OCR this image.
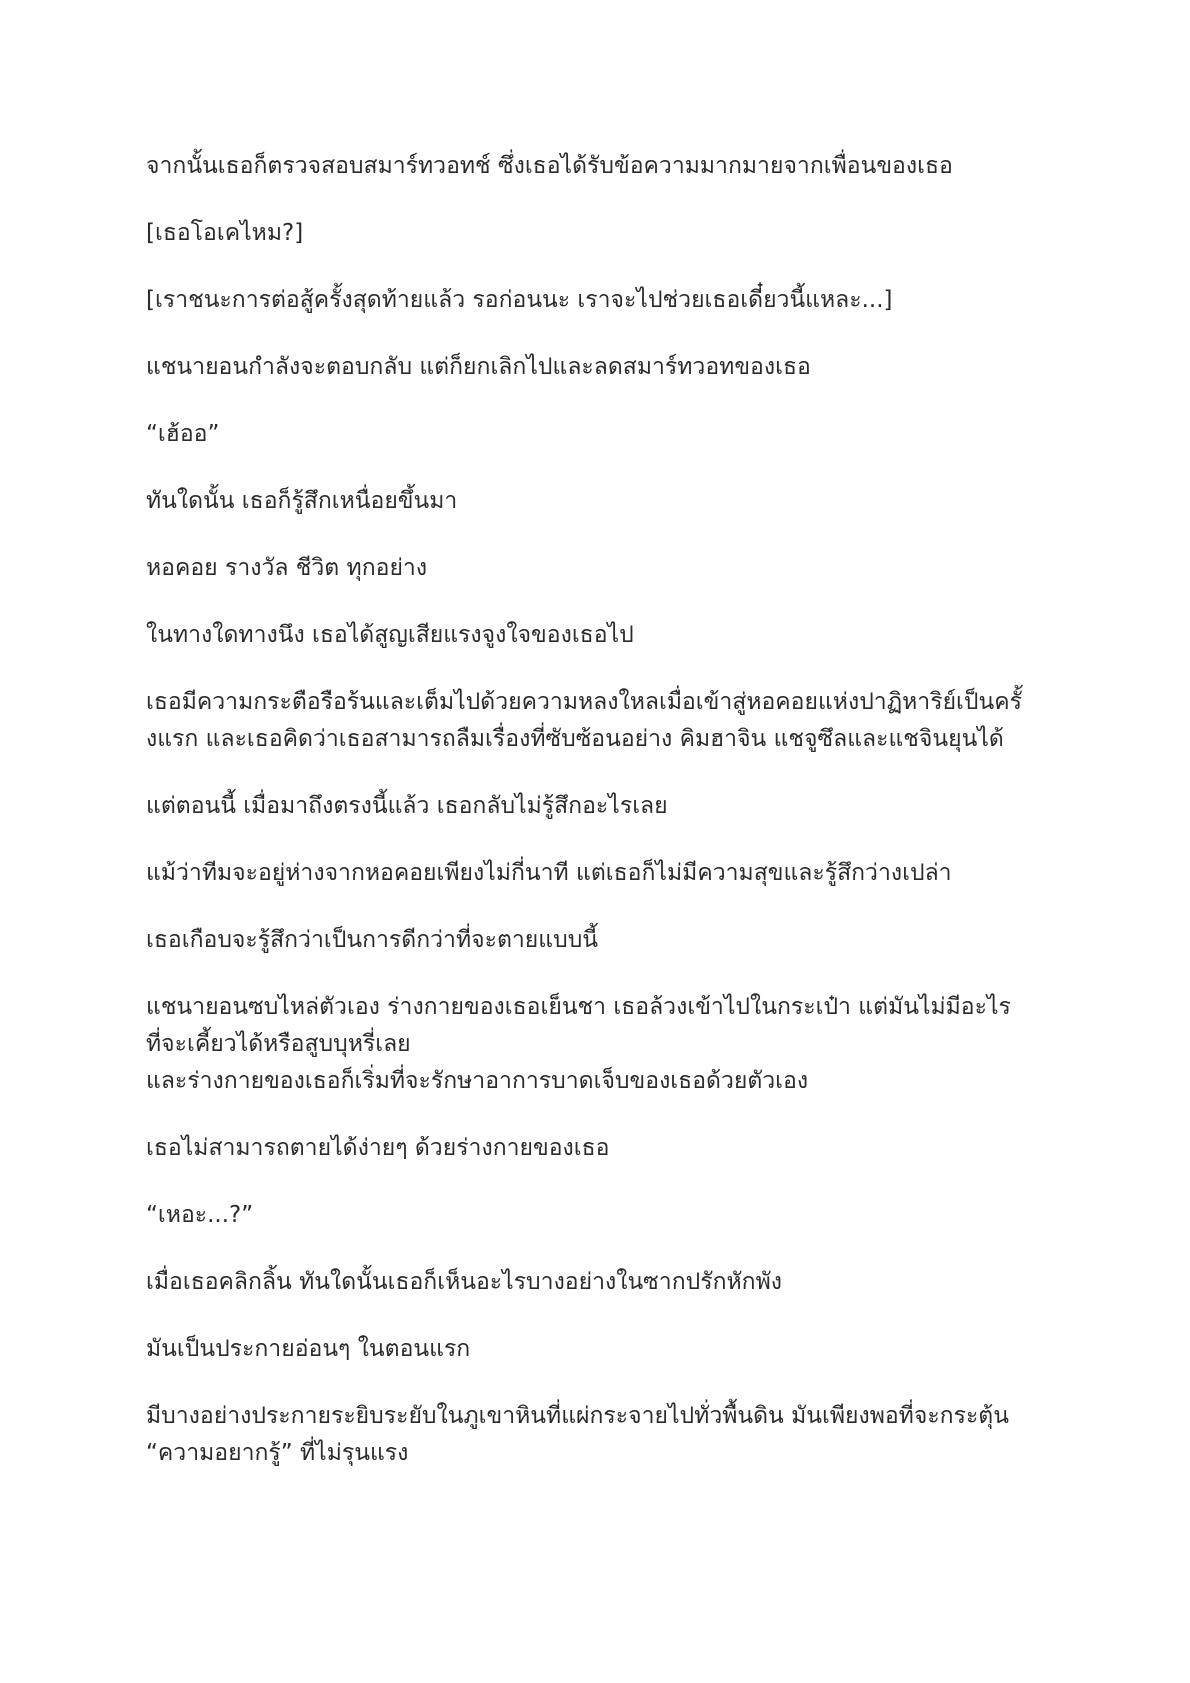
จากนั้นเธอก็ตรวจสอบสมาร์ทวอทช์ ซึ่งเธอได้รับข้อความมากมายจากเพื่อนของเธอ

[เธอโอเคไหม?]

[เราชนะการต่อสู้ครั้งสุดท้ายแล้ว รอก่อนนะ เราจะไปช่วยเธอเดี๋ยวนี้แหละ...]

แชนายอนกำลังจะตอบกลับ แต่ก็ยกเลิกไปและลดสมาร์ทวอทของเธอ

“เฮ้ออ”

ทันใดนั้น เธอก็รู้สึกเหนื่อยขึ้นมา

หอคอย รางวัล ชีวิต ทุกอย่าง

ในทางใดทางนึง เธอได้สูญเสียแรงจูงใจของเธอไป

เธอมีความกระตือรือร้นและเต็มไปด้วยความหลงใหลเมื่อเข้าสู่หอคอยแห่งปาฏิหาริย์เป็นครั้
งแรก และเธอคิดว่าเธอสามารถลืมเรื่องที่ซับซ้อนอย่าง คิมฮาจิน แชจูซึลและแชจินยุนได้

แต่ตอนนี้ เมื่อมาถึงตรงนี้แล้ว เธอกลับไม่รู้สึกอะไรเลย

แม้ว่าทีมจะอยู่ห่างจากหอคอยเพียงไม่กี่นาที แต่เธอก็ไม่มีความสุขและรู้สึกว่างเปล่า

เธอเกือบจะรู้สึกว่าเป็นการดีกว่าที่จะตายแบบนี้

แชนายอนซบไหล่ตัวเอง ร่างกายของเธอเย็นชา เธอล้วงเข้าไปในกระเป๋า แต่มันไม่มีอะไร
ที่จะเคี้ยวได้หรือสูบบุหรี่เลย
และร่างกายของเธอก็เริ่มที่จะรักษาอาการบาดเจ็บของเธอด้วยตัวเอง

เธอไม่สามารถตายได้ง่ายๆ ด้วยร่างกายของเธอ

“เหอะ...?”

เมื่อเธอคลิกลิ้น ทันใดนั้นเธอก็เห็นอะไรบางอย่างในซากปรักหักพัง

มันเป็นประกายอ่อนๆ ในตอนแรก

มีบางอย่างประกายระยิบระยับในภูเขาหินที่แผ่กระจายไปทั่วพื้นดิน มันเพียงพอที่จะกระตุ้น
“ความอยากรู้” ที่ไม่รุนแรง
